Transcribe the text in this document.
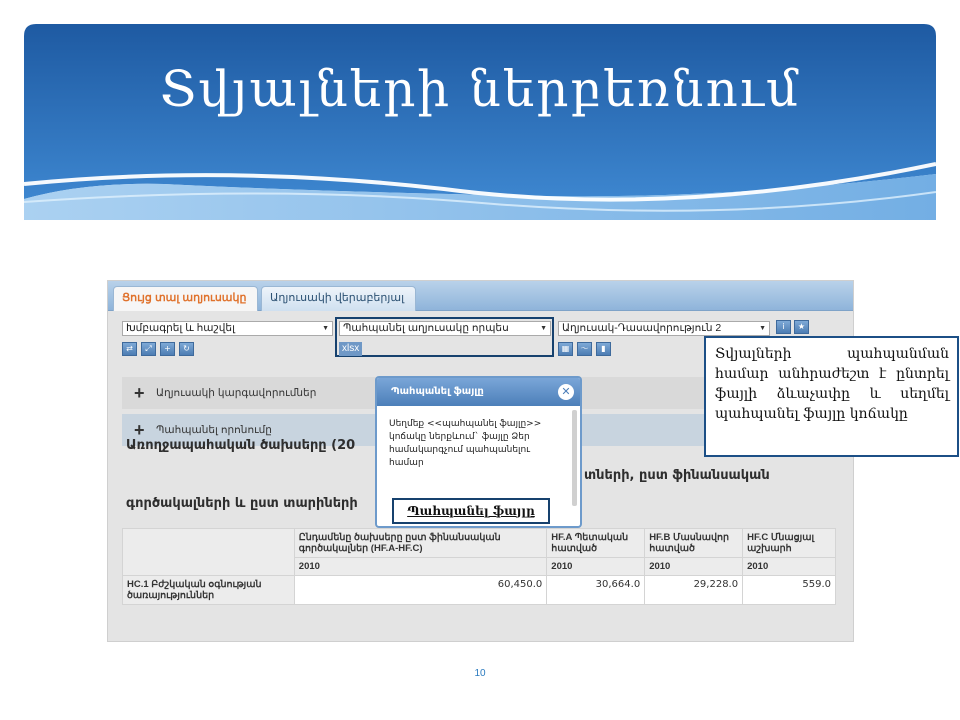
Տվյալների ներբեռնում
Ցույց տալ աղյուսակը	Աղյուսակի վերաբերյալ
Խմբագրել և հաշվել	▼	Պահպանել աղյուսակը որպես	▼	Աղյուսակ-Դասավորություն 2	▼	i	★
xlsx
⇄	⤢	+	↻	▦	〜	▮
+ Աղյուսակի կարգավորումներ
+ Պահպանել որոնումը
Առողջապահական ծախսերը (20
տների, ըստ ֆինանսական
գործակալների և ըստ տարիների
	Ընդամենը ծախսերը ըստ ֆինանսական գործակալներ (HF.A-HF.C)	HF.A Պետական հատված	HF.B Մասնավոր հատված	HF.C Մնացյալ աշխարհ
	2010	2010	2010	2010
HC.1 Բժշկական օգնության ծառայություններ	60,450.0	30,664.0	29,228.0	559.0
Պահպանել ֆայլը	✕
Սեղմեք <<պահպանել ֆայլը>> կոճակը ներքևում` ֆայլը Ձեր համակարգչում պահպանելու համար
Պահպանել ֆայլը
Տվյալների պահպանման համար անհրաժեշտ է ընտրել ֆայլի ձևաչափը և սեղմել պահպանել ֆայլը կոճակը
10
